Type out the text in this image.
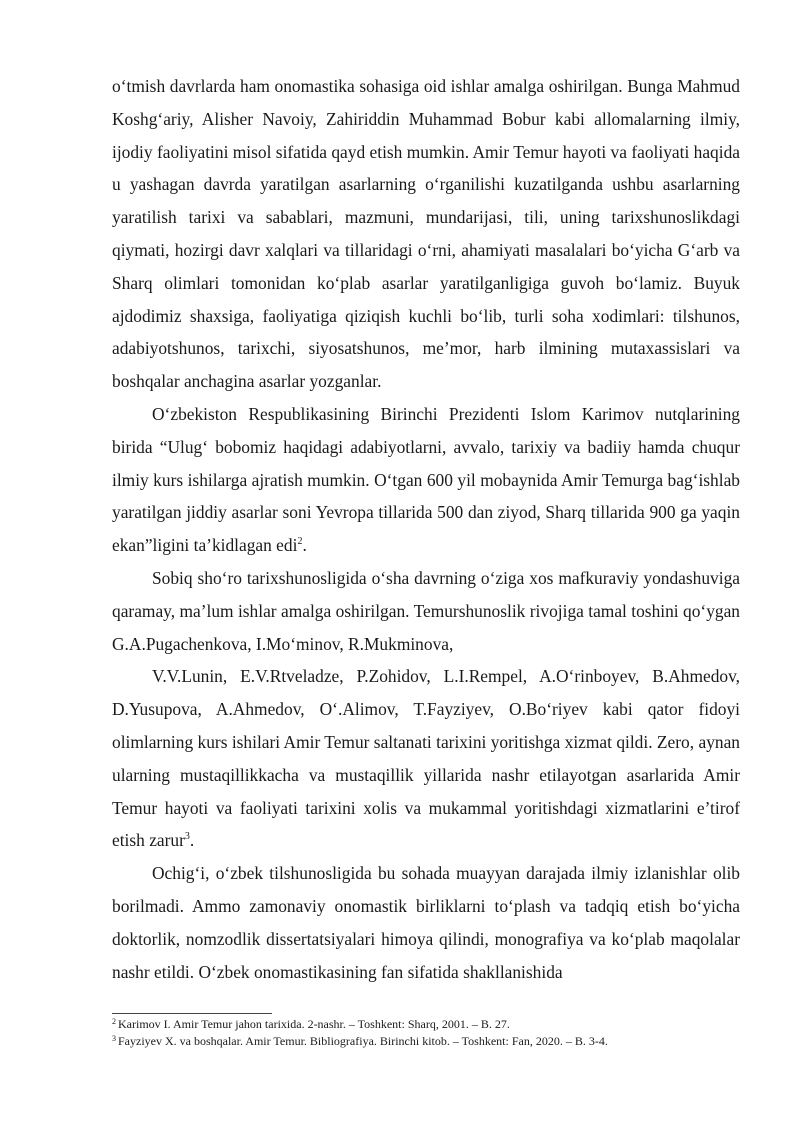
o‘tmish davrlarda ham onomastika sohasiga oid ishlar amalga oshirilgan. Bunga Mahmud Koshg‘ariy, Alisher Navoiy, Zahiriddin Muhammad Bobur kabi allomalarning ilmiy, ijodiy faoliyatini misol sifatida qayd etish mumkin. Amir Temur hayoti va faoliyati haqida u yashagan davrda yaratilgan asarlarning o‘rganilishi kuzatilganda ushbu asarlarning yaratilish tarixi va sabablari, mazmuni, mundarijasi, tili, uning tarixshunoslikdagi qiymati, hozirgi davr xalqlari va tillaridagi o‘rni, ahamiyati masalalari bo‘yicha G‘arb va Sharq olimlari tomonidan ko‘plab asarlar yaratilganligiga guvoh bo‘lamiz. Buyuk ajdodimiz shaxsiga, faoliyatiga qiziqish kuchli bo‘lib, turli soha xodimlari: tilshunos, adabiyotshunos, tarixchi, siyosatshunos, me’mor, harb ilmining mutaxassislari va boshqalar anchagina asarlar yozganlar.

O‘zbekiston Respublikasining Birinchi Prezidenti Islom Karimov nutqlarining birida “Ulug‘ bobomiz haqidagi adabiyotlarni, avvalo, tarixiy va badiiy hamda chuqur ilmiy kurs ishilarga ajratish mumkin. O‘tgan 600 yil mobaynida Amir Temurga bag‘ishlab yaratilgan jiddiy asarlar soni Yevropa tillarida 500 dan ziyod, Sharq tillarida 900 ga yaqin ekan”ligini ta’kidlagan edi$^2$.

Sobiq sho‘ro tarixshunosligida o‘sha davrning o‘ziga xos mafkuraviy yondashuviga qaramay, ma’lum ishlar amalga oshirilgan. Temurshunoslik rivojiga tamal toshini qo‘ygan G.A.Pugachenkova, I.Mo‘minov, R.Mukminova,

V.V.Lunin, E.V.Rtveladze, P.Zohidov, L.I.Rempel, A.O‘rinboyev, B.Ahmedov, D.Yusupova, A.Ahmedov, O‘.Alimov, T.Fayziyev, O.Bo‘riyev kabi qator fidoyi olimlarning kurs ishilari Amir Temur saltanati tarixini yoritishga xizmat qildi. Zero, aynan ularning mustaqillikkacha va mustaqillik yillarida nashr etilayotgan asarlarida Amir Temur hayoti va faoliyati tarixini xolis va mukammal yoritishdagi xizmatlarini e’tirof etish zarur$^3$.

Ochig‘i, o‘zbek tilshunosligida bu sohada muayyan darajada ilmiy izlanishlar olib borilmadi. Ammo zamonaviy onomastik birliklarni to‘plash va tadqiq etish bo‘yicha doktorlik, nomzodlik dissertatsiyalari himoya qilindi, monografiya va ko‘plab maqolalar nashr etildi. O‘zbek onomastikasining fan sifatida shakllanishida

$^2$ Karimov I. Amir Temur jahon tarixida. 2-nashr. – Toshkent: Sharq, 2001. – B. 27.

$^3$ Fayziyev X. va boshqalar. Amir Temur. Bibliografiya. Birinchi kitob. – Toshkent: Fan, 2020. – B. 3-4.
